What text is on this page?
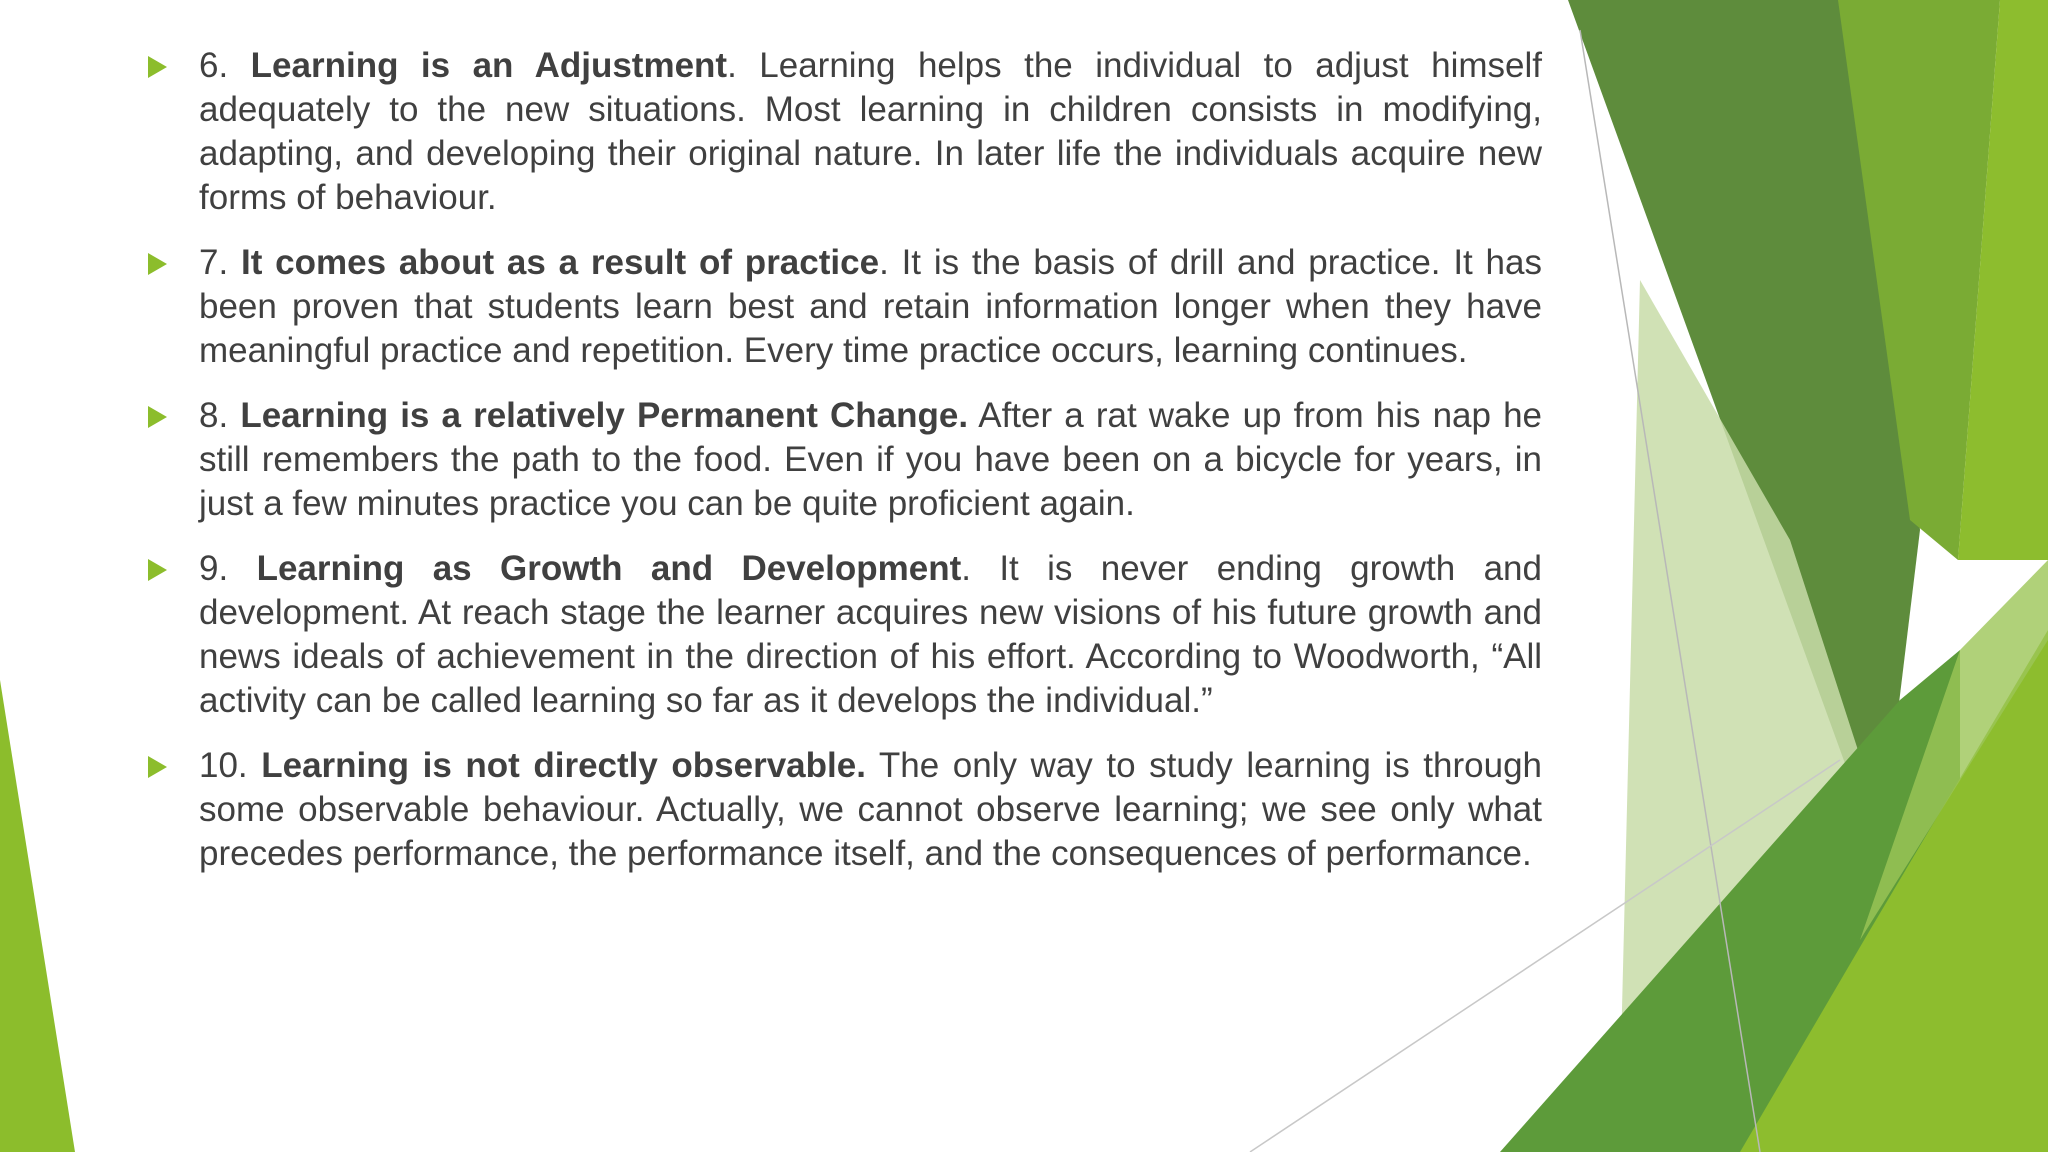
6. Learning is an Adjustment. Learning helps the individual to adjust himself adequately to the new situations. Most learning in children consists in modifying, adapting, and developing their original nature. In later life the individuals acquire new forms of behaviour.
7. It comes about as a result of practice. It is the basis of drill and practice. It has been proven that students learn best and retain information longer when they have meaningful practice and repetition. Every time practice occurs, learning continues.
8. Learning is a relatively Permanent Change. After a rat wake up from his nap he still remembers the path to the food. Even if you have been on a bicycle for years, in just a few minutes practice you can be quite proficient again.
9. Learning as Growth and Development. It is never ending growth and development. At reach stage the learner acquires new visions of his future growth and news ideals of achievement in the direction of his effort. According to Woodworth, “All activity can be called learning so far as it develops the individual.”
10. Learning is not directly observable. The only way to study learning is through some observable behaviour. Actually, we cannot observe learning; we see only what precedes performance, the performance itself, and the consequences of performance.
